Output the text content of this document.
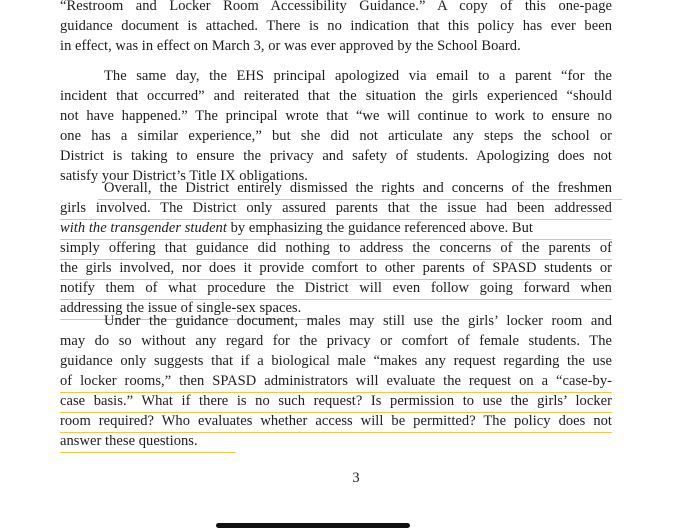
“Restroom and Locker Room Accessibility Guidance.” A copy of this one-page
guidance document is attached. There is no indication that this policy has ever been
in effect, was in effect on March 3, or was ever approved by the School Board.
The same day, the EHS principal apologized via email to a parent “for the
incident that occurred” and reiterated that the situation the girls experienced “should
not have happened.” The principal wrote that “we will continue to work to ensure no
one has a similar experience,” but she did not articulate any steps the school or
District is taking to ensure the privacy and safety of students. Apologizing does not
satisfy your District’s Title IX obligations.
Overall, the District entirely dismissed the rights and concerns of the freshmen
girls involved. The District only assured parents that the issue had been addressed
with the transgender student by emphasizing the guidance referenced above. But
simply offering that guidance did nothing to address the concerns of the parents of
the girls involved, nor does it provide comfort to other parents of SPASD students or
notify them of what procedure the District will even follow going forward when
addressing the issue of single-sex spaces.
Under the guidance document, males may still use the girls’ locker room and
may do so without any regard for the privacy or comfort of female students. The
guidance only suggests that if a biological male “makes any request regarding the use
of locker rooms,” then SPASD administrators will evaluate the request on a “case-by-
case basis.” What if there is no such request? Is permission to use the girls’ locker
room required? Who evaluates whether access will be permitted? The policy does not
answer these questions.
3
